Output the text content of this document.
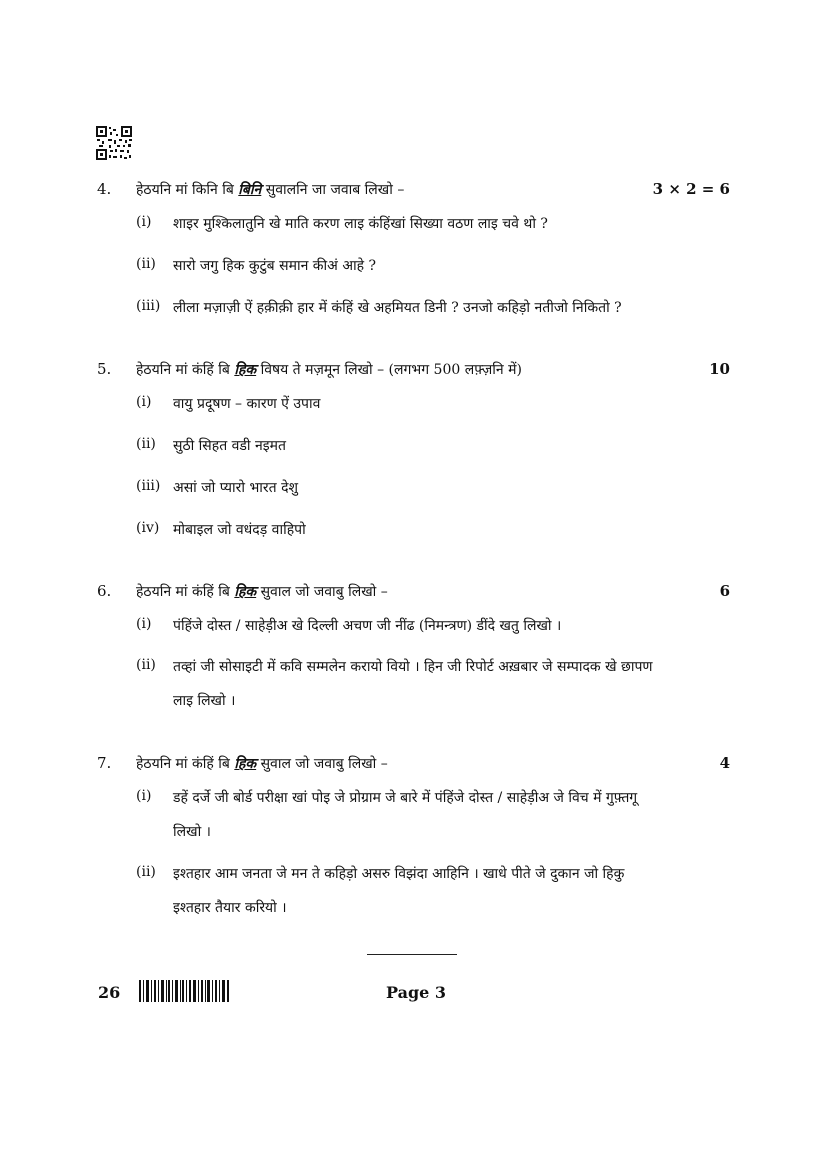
4. हेठयनि मां किनि बि बिनि सुवालनि जा जवाब लिखो –	3 × 2 = 6
(i) शाइर मुश्किलातुनि खे माति करण लाइ कंहिंखां सिख्या वठण लाइ चवे थो ?
(ii) सारो जगु हिक कुटुंब समान कीअं आहे ?
(iii) लीला मज़ाज़ी ऐं हक़ीक़ी हार में कंहिं खे अहमियत डिनी ? उनजो कहिड़ो नतीजो निकितो ?
5. हेठयनि मां कंहिं बि हिक विषय ते मज़मून लिखो – (लगभग 500 लफ़्ज़नि में)	10
(i) वायु प्रदूषण – कारण ऐं उपाव
(ii) सुठी सिहत वडी नइमत
(iii) असां जो प्यारो भारत देशु
(iv) मोबाइल जो वधंदड़ वाहिपो
6. हेठयनि मां कंहिं बि हिक सुवाल जो जवाबु लिखो –	6
(i) पंहिंजे दोस्त / साहेड़ीअ खे दिल्ली अचण जी नींढ (निमन्त्रण) डींदे खतु लिखो ।
(ii) तव्हां जी सोसाइटी में कवि सम्मलेन करायो वियो । हिन जी रिपोर्ट अख़बार जे सम्पादक खे छापण
लाइ लिखो ।
7. हेठयनि मां कंहिं बि हिक सुवाल जो जवाबु लिखो –	4
(i) डहें दर्जे जी बोर्ड परीक्षा खां पोइ जे प्रोग्राम जे बारे में पंहिंजे दोस्त / साहेड़ीअ जे विच में गुफ़्तगू
लिखो ।
(ii) इश्तहार आम जनता जे मन ते कहिड़ो असरु विझंदा आहिनि । खाधे पीते जे दुकान जो हिकु
इश्तहार तैयार करियो ।
26	Page 3
